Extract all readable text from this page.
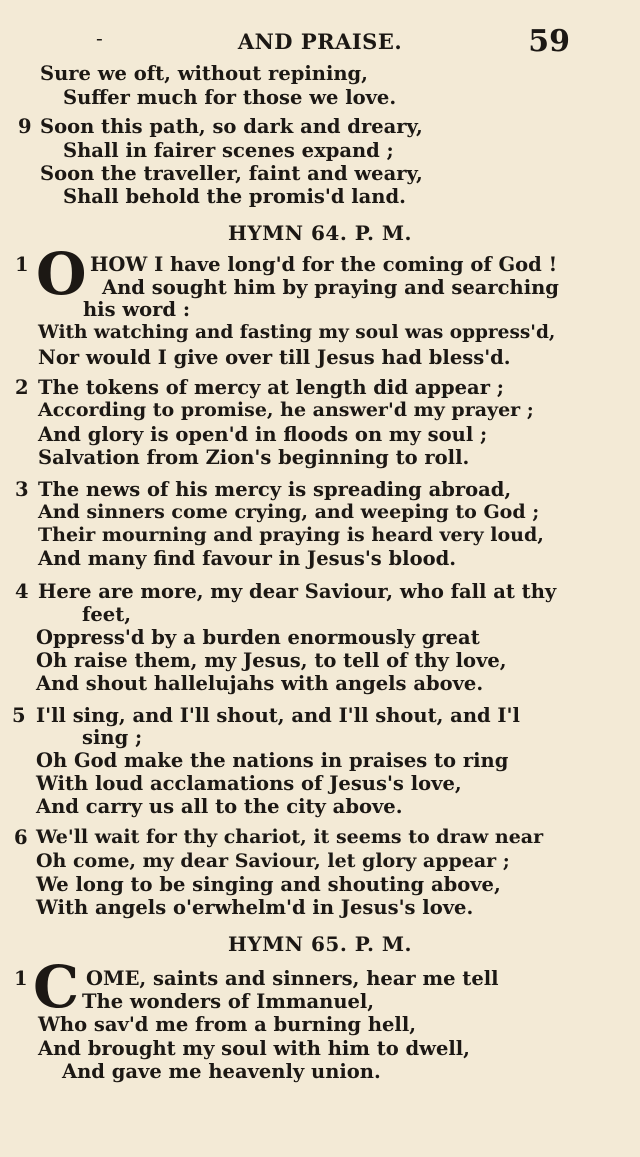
-	AND PRAISE.	59
Sure we oft, without repining,
Suffer much for those we love.
9 Soon this path, so dark and dreary,
Shall in fairer scenes expand ;
Soon the traveller, faint and weary,
Shall behold the promis'd land.
HYMN 64. P. M.
1 O HOW I have long'd for the coming of God !
And sought him by praying and searching
his word :
With watching and fasting my soul was oppress'd,
Nor would I give over till Jesus had bless'd.
2 The tokens of mercy at length did appear ;
According to promise, he answer'd my prayer ;
And glory is open'd in floods on my soul ;
Salvation from Zion's beginning to roll.
3 The news of his mercy is spreading abroad,
And sinners come crying, and weeping to God ;
Their mourning and praying is heard very loud,
And many find favour in Jesus's blood.
4 Here are more, my dear Saviour, who fall at thy
feet,
Oppress'd by a burden enormously great
Oh raise them, my Jesus, to tell of thy love,
And shout hallelujahs with angels above.
5 I'll sing, and I'll shout, and I'll shout, and I'l
sing ;
Oh God make the nations in praises to ring
With loud acclamations of Jesus's love,
And carry us all to the city above.
6 We'll wait for thy chariot, it seems to draw near
Oh come, my dear Saviour, let glory appear ;
We long to be singing and shouting above,
With angels o'erwhelm'd in Jesus's love.
HYMN 65. P. M.
1 C OME, saints and sinners, hear me tell
The wonders of Immanuel,
Who sav'd me from a burning hell,
And brought my soul with him to dwell,
And gave me heavenly union.
